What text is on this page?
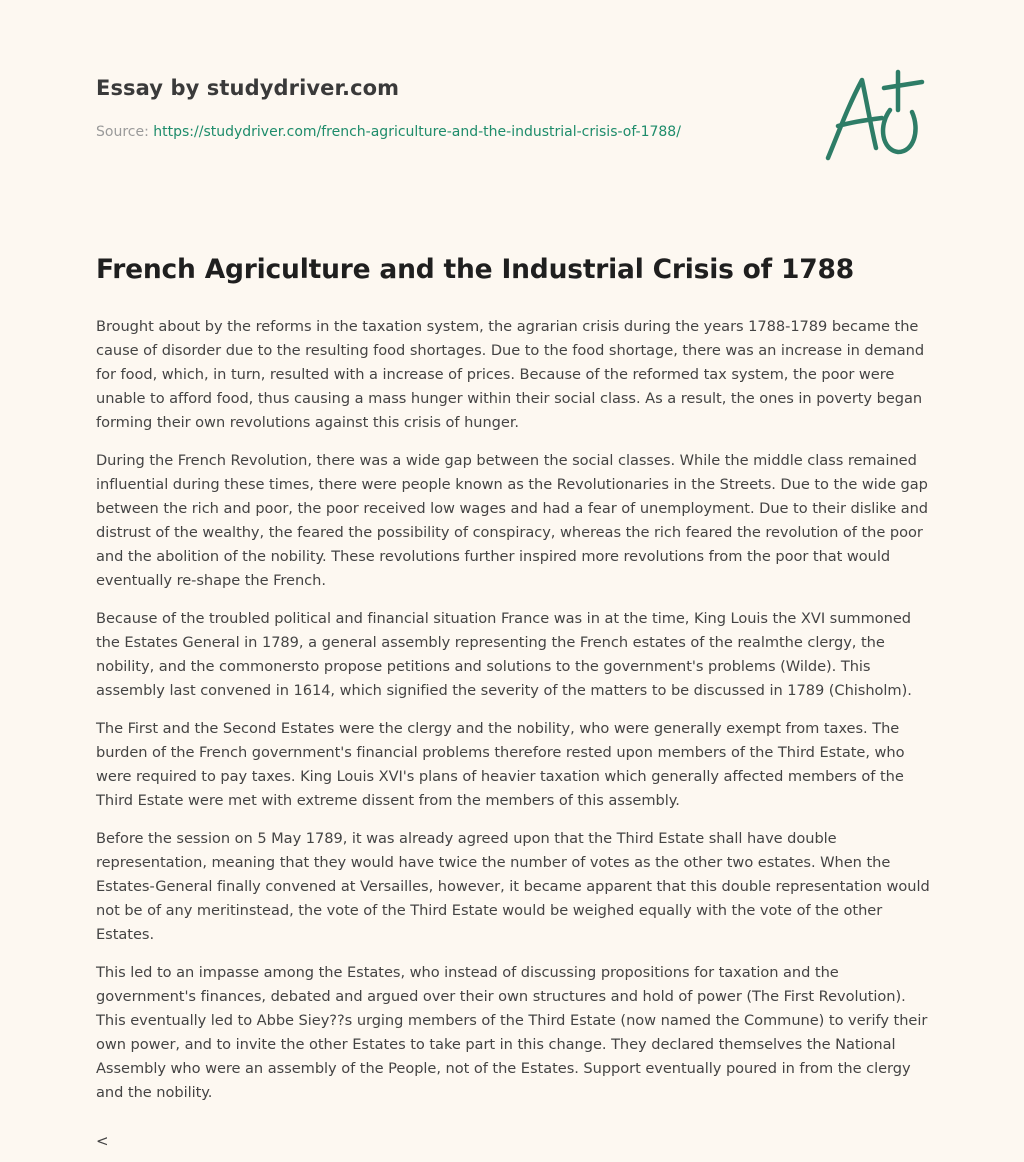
Essay by studydriver.com
Source: https://studydriver.com/french-agriculture-and-the-industrial-crisis-of-1788/
French Agriculture and the Industrial Crisis of 1788

Brought about by the reforms in the taxation system, the agrarian crisis during the years 1788-1789 became the cause of disorder due to the resulting food shortages. Due to the food shortage, there was an increase in demand for food, which, in turn, resulted with a increase of prices. Because of the reformed tax system, the poor were unable to afford food, thus causing a mass hunger within their social class. As a result, the ones in poverty began forming their own revolutions against this crisis of hunger.

During the French Revolution, there was a wide gap between the social classes. While the middle class remained influential during these times, there were people known as the Revolutionaries in the Streets. Due to the wide gap between the rich and poor, the poor received low wages and had a fear of unemployment. Due to their dislike and distrust of the wealthy, the feared the possibility of conspiracy, whereas the rich feared the revolution of the poor and the abolition of the nobility. These revolutions further inspired more revolutions from the poor that would eventually re-shape the French.

Because of the troubled political and financial situation France was in at the time, King Louis the XVI summoned the Estates General in 1789, a general assembly representing the French estates of the realmthe clergy, the nobility, and the commonersto propose petitions and solutions to the government's problems (Wilde). This assembly last convened in 1614, which signified the severity of the matters to be discussed in 1789 (Chisholm).

The First and the Second Estates were the clergy and the nobility, who were generally exempt from taxes. The burden of the French government's financial problems therefore rested upon members of the Third Estate, who were required to pay taxes. King Louis XVI's plans of heavier taxation which generally affected members of the Third Estate were met with extreme dissent from the members of this assembly.

Before the session on 5 May 1789, it was already agreed upon that the Third Estate shall have double representation, meaning that they would have twice the number of votes as the other two estates. When the Estates-General finally convened at Versailles, however, it became apparent that this double representation would not be of any meritinstead, the vote of the Third Estate would be weighed equally with the vote of the other Estates.

This led to an impasse among the Estates, who instead of discussing propositions for taxation and the government's finances, debated and argued over their own structures and hold of power (The First Revolution). This eventually led to Abbe Siey??s urging members of the Third Estate (now named the Commune) to verify their own power, and to invite the other Estates to take part in this change. They declared themselves the National Assembly who were an assembly of the People, not of the Estates. Support eventually poured in from the clergy and the nobility.

<
